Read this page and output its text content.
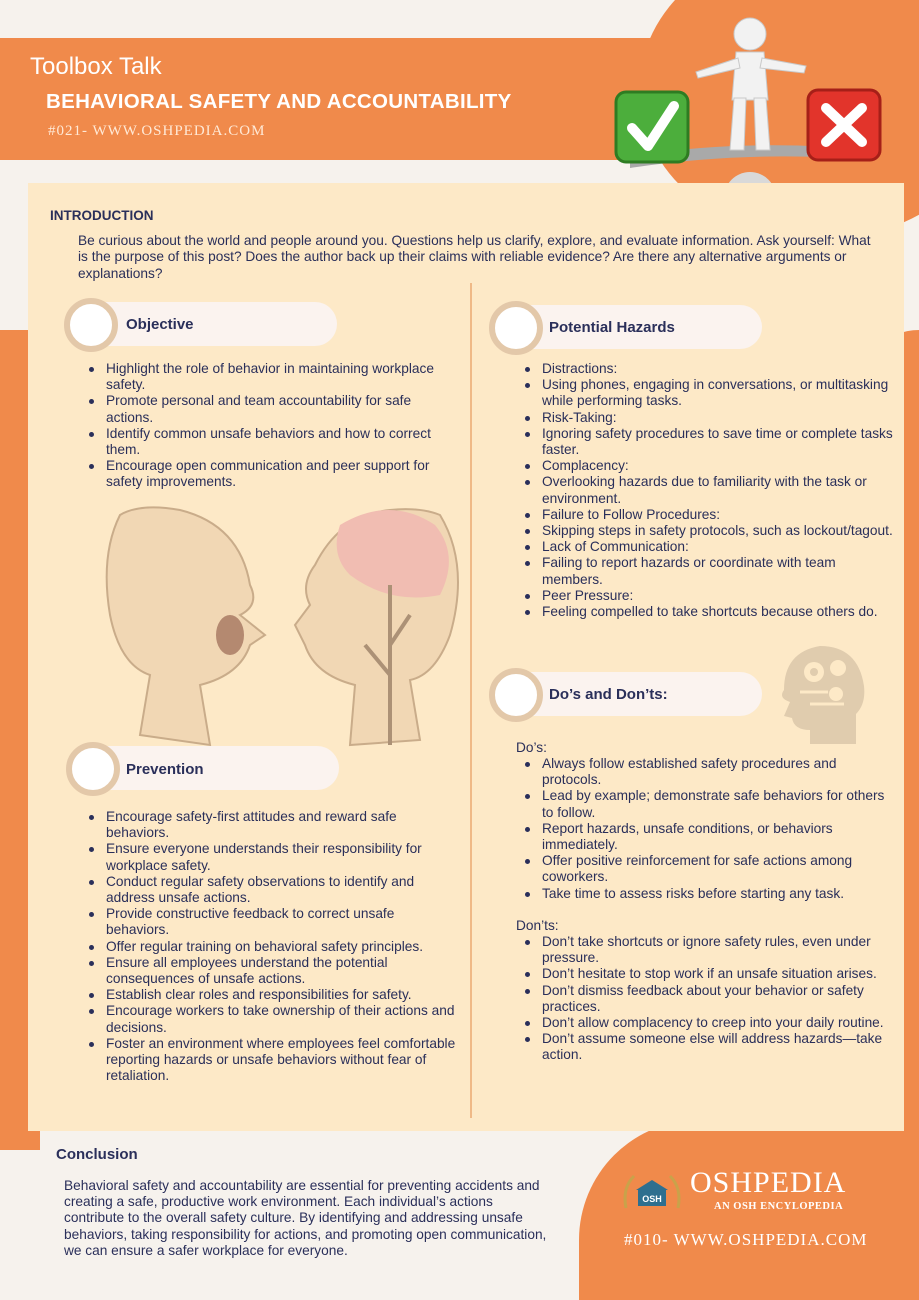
Toolbox Talk
BEHAVIORAL SAFETY AND ACCOUNTABILITY
#021- WWW.OSHPEDIA.COM
INTRODUCTION
Be curious about the world and people around you. Questions help us clarify, explore, and evaluate information. Ask yourself: What is the purpose of this post? Does the author back up their claims with reliable evidence? Are there any alternative arguments or explanations?
Objective
Highlight the role of behavior in maintaining workplace safety.
Promote personal and team accountability for safe actions.
Identify common unsafe behaviors and how to correct them.
Encourage open communication and peer support for safety improvements.
Prevention
Encourage safety-first attitudes and reward safe behaviors.
Ensure everyone understands their responsibility for workplace safety.
Conduct regular safety observations to identify and address unsafe actions.
Provide constructive feedback to correct unsafe behaviors.
Offer regular training on behavioral safety principles.
Ensure all employees understand the potential consequences of unsafe actions.
Establish clear roles and responsibilities for safety.
Encourage workers to take ownership of their actions and decisions.
Foster an environment where employees feel comfortable reporting hazards or unsafe behaviors without fear of retaliation.
Potential Hazards
Distractions:
Using phones, engaging in conversations, or multitasking while performing tasks.
Risk-Taking:
Ignoring safety procedures to save time or complete tasks faster.
Complacency:
Overlooking hazards due to familiarity with the task or environment.
Failure to Follow Procedures:
Skipping steps in safety protocols, such as lockout/tagout.
Lack of Communication:
Failing to report hazards or coordinate with team members.
Peer Pressure:
Feeling compelled to take shortcuts because others do.
Do’s and Don’ts:
Do’s:
Always follow established safety procedures and protocols.
Lead by example; demonstrate safe behaviors for others to follow.
Report hazards, unsafe conditions, or behaviors immediately.
Offer positive reinforcement for safe actions among coworkers.
Take time to assess risks before starting any task.
Don’ts:
Don’t take shortcuts or ignore safety rules, even under pressure.
Don’t hesitate to stop work if an unsafe situation arises.
Don’t dismiss feedback about your behavior or safety practices.
Don’t allow complacency to creep into your daily routine.
Don’t assume someone else will address hazards—take action.
Conclusion
Behavioral safety and accountability are essential for preventing accidents and creating a safe, productive work environment. Each individual’s actions contribute to the overall safety culture. By identifying and addressing unsafe behaviors, taking responsibility for actions, and promoting open communication, we can ensure a safer workplace for everyone.
OSH OSHPEDIA
AN OSH ENCYLOPEDIA
#010- WWW.OSHPEDIA.COM
